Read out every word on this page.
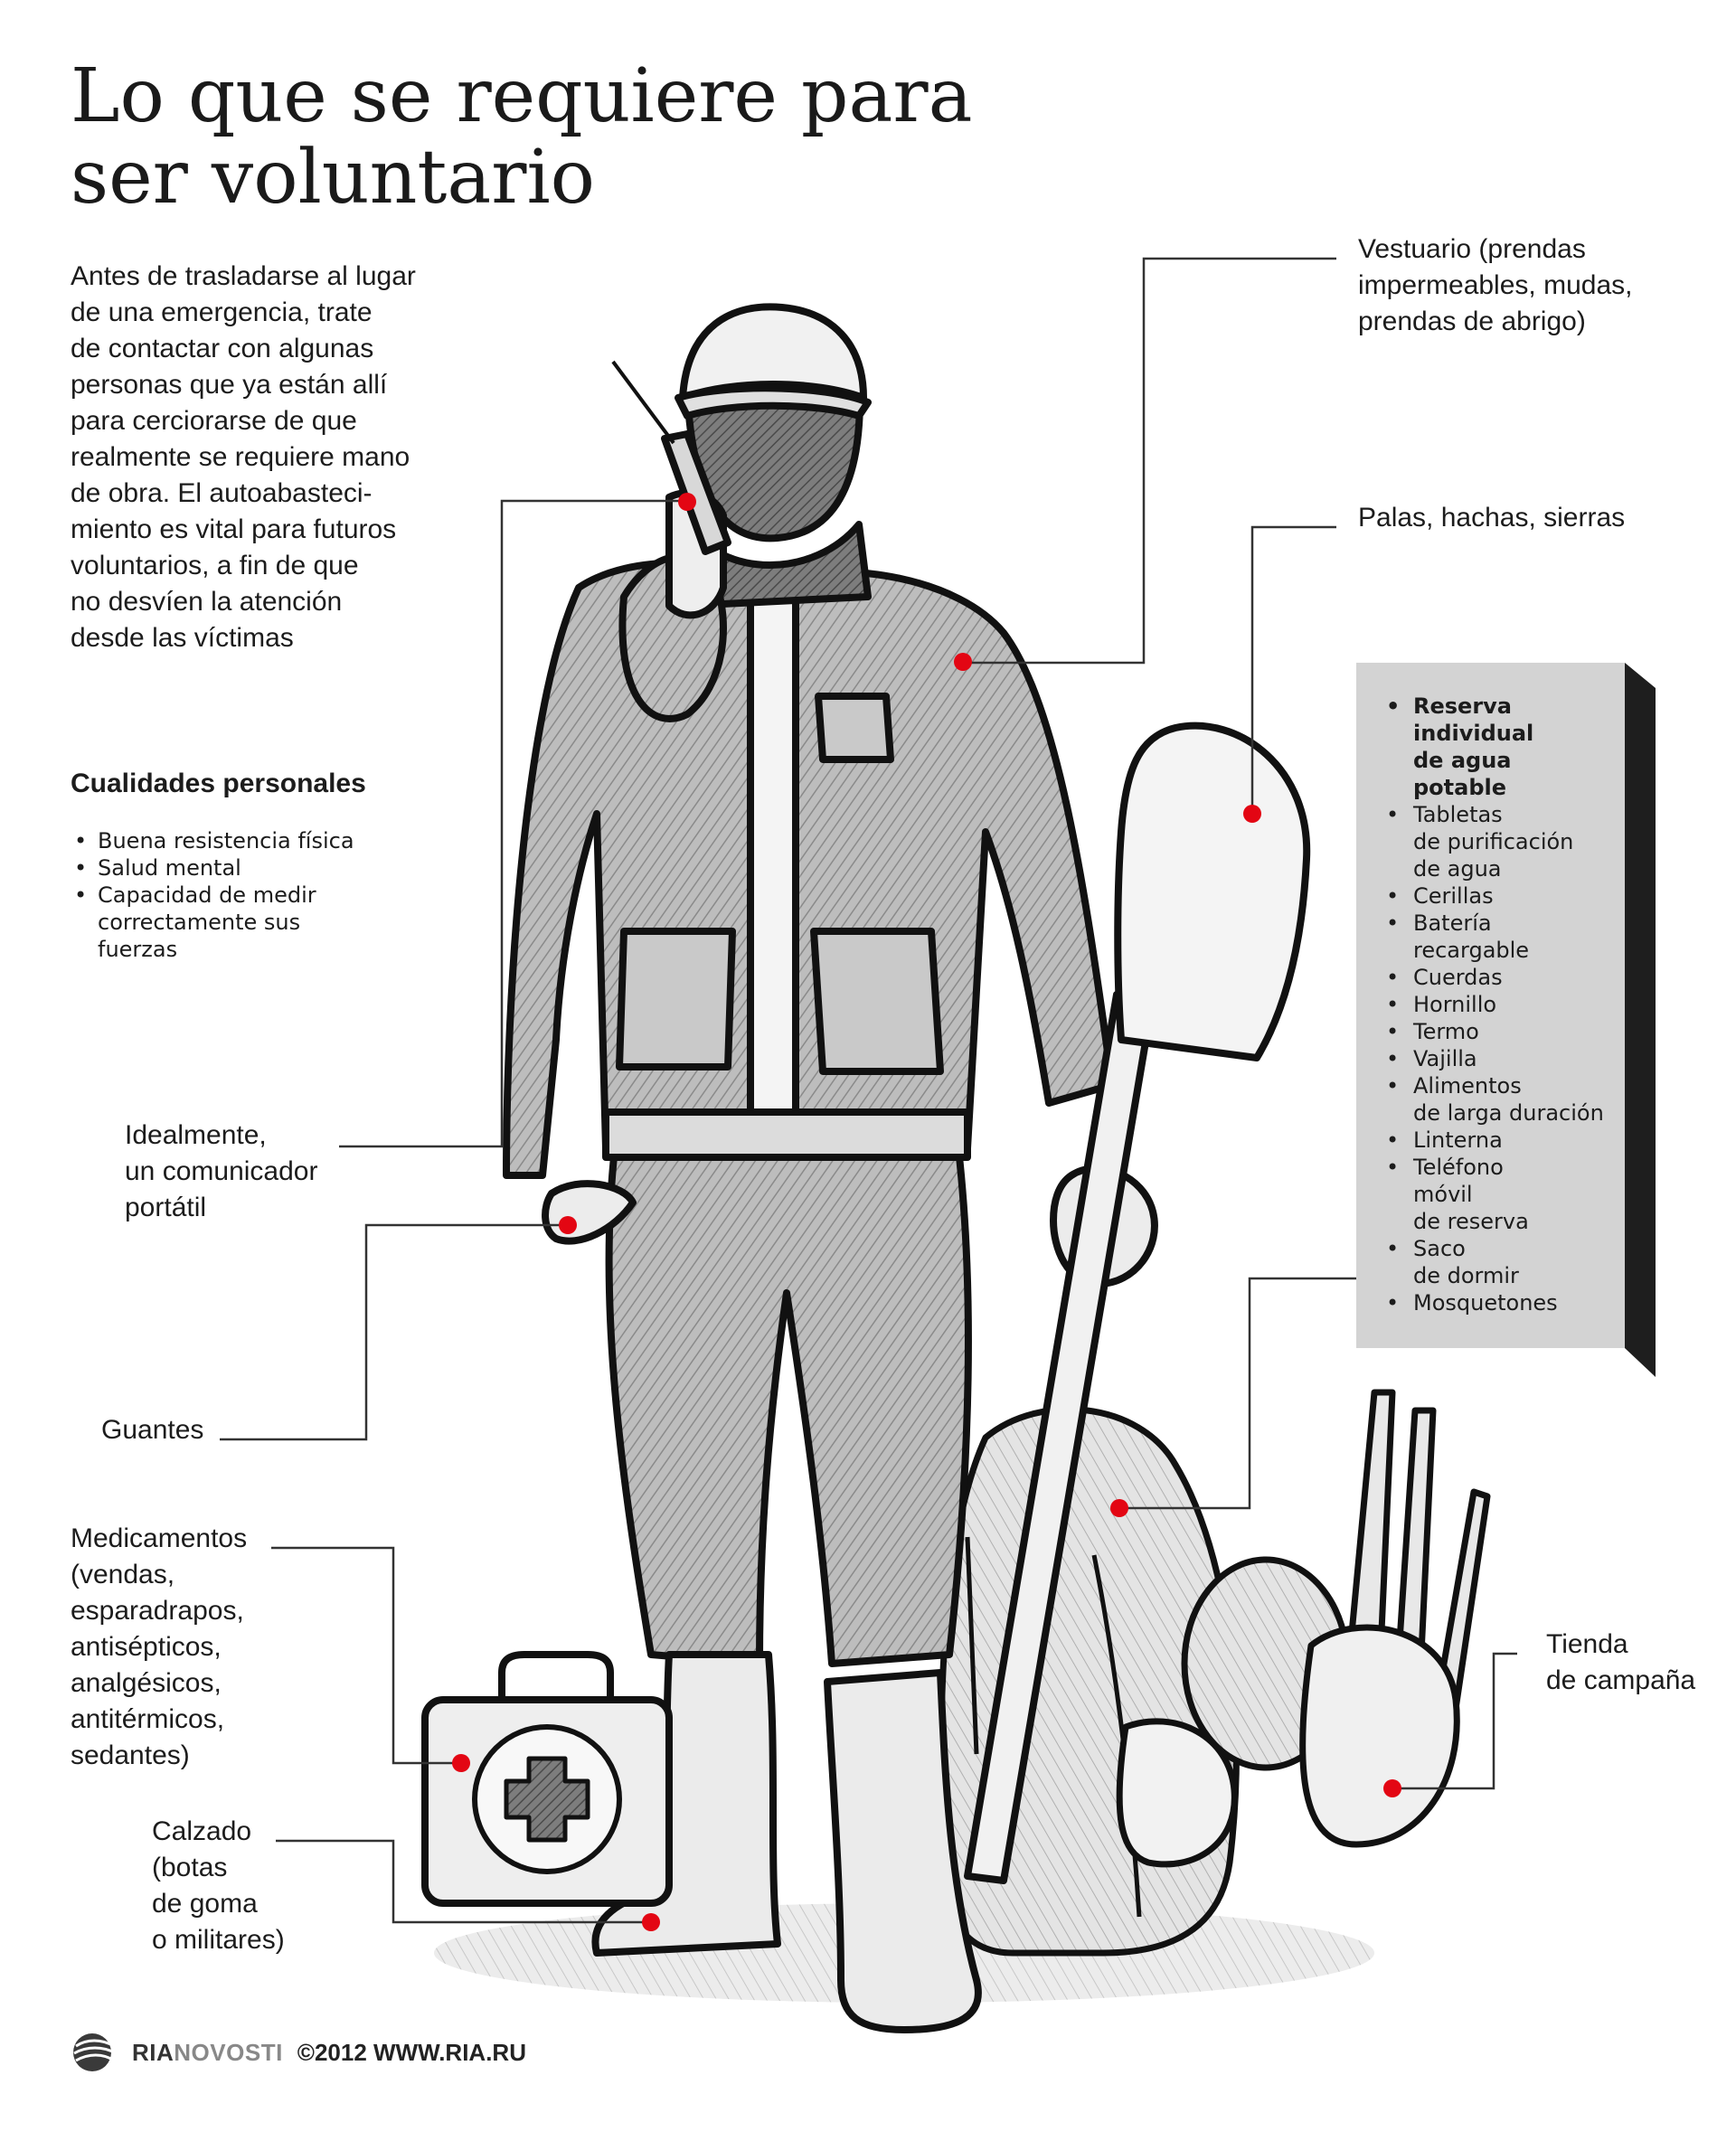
Lo que se requiere para
ser voluntario

Antes de trasladarse al lugar
de una emergencia, trate
de contactar con algunas
personas que ya están allí
para cerciorarse de que
realmente se requiere mano
de obra. El autoabasteci-
miento es vital para futuros
voluntarios, a fin de que
no desvíen la atención
desde las víctimas

Cualidades personales
• Buena resistencia física
• Salud mental
• Capacidad de medir
correctamente sus
fuerzas

Vestuario (prendas
impermeables, mudas,
prendas de abrigo)

Palas, hachas, sierras

Idealmente,
un comunicador
portátil

Guantes

Medicamentos
(vendas,
esparadrapos,
antisépticos,
analgésicos,
antitérmicos,
sedantes)

Calzado
(botas
de goma
o militares)

Tienda
de campaña

• Reserva
individual
de agua
potable
• Tabletas
de purificación
de agua
• Cerillas
• Batería
recargable
• Cuerdas
• Hornillo
• Termo
• Vajilla
• Alimentos
de larga duración
• Linterna
• Teléfono
móvil
de reserva
• Saco
de dormir
• Mosquetones
RIANOVOSTI ©2012 WWW.RIA.RU
